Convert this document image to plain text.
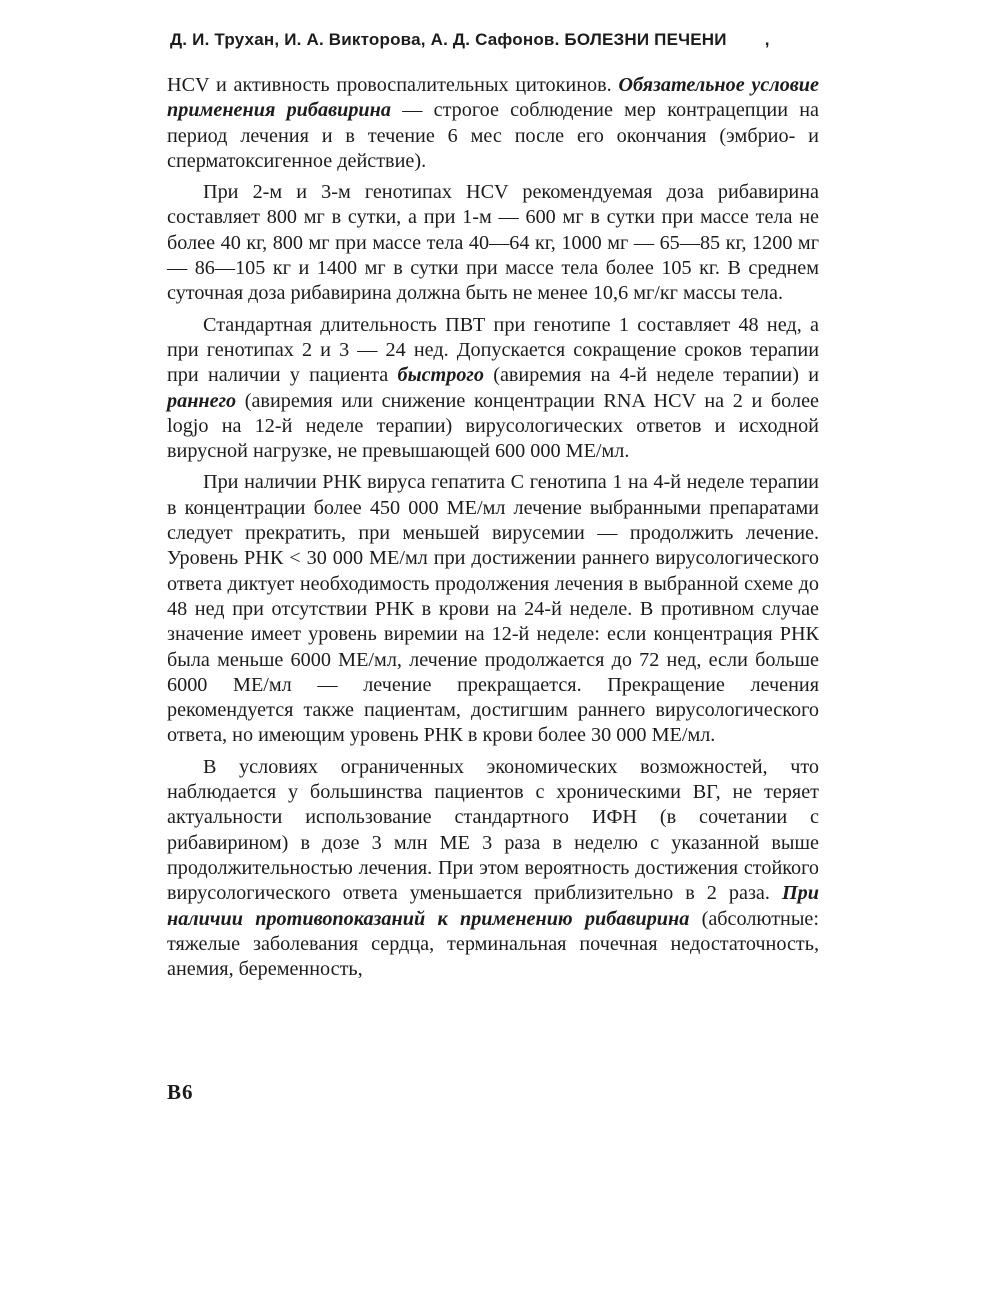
Д. И. Трухан, И. А. Викторова, А. Д. Сафонов. БОЛЕЗНИ ПЕЧЕНИ ,

HCV и активность провоспалительных цитокинов. Обязательное условие применения рибавирина — строгое соблюдение мер контрацепции на период лечения и в течение 6 мес после его окончания (эмбрио- и сперматоксигенное действие).

При 2-м и 3-м генотипах HCV рекомендуемая доза рибавирина составляет 800 мг в сутки, а при 1-м — 600 мг в сутки при массе тела не более 40 кг, 800 мг при массе тела 40—64 кг, 1000 мг — 65—85 кг, 1200 мг — 86—105 кг и 1400 мг в сутки при массе тела более 105 кг. В среднем суточная доза рибавирина должна быть не менее 10,6 мг/кг массы тела.

Стандартная длительность ПВТ при генотипе 1 составляет 48 нед, а при генотипах 2 и 3 — 24 нед. Допускается сокращение сроков терапии при наличии у пациента быстрого (авиремия на 4-й неделе терапии) и раннего (авиремия или снижение концентрации RNA HCV на 2 и более logjo на 12-й неделе терапии) вирусологических ответов и исходной вирусной нагрузке, не превышающей 600 000 МЕ/мл.

При наличии РНК вируса гепатита С генотипа 1 на 4-й неделе терапии в концентрации более 450 000 МЕ/мл лечение выбранными препаратами следует прекратить, при меньшей вирусемии — продолжить лечение. Уровень РНК < 30 000 МЕ/мл при достижении раннего вирусологического ответа диктует необходимость продолжения лечения в выбранной схеме до 48 нед при отсутствии РНК в крови на 24-й неделе. В противном случае значение имеет уровень виремии на 12-й неделе: если концентрация РНК была меньше 6000 МЕ/мл, лечение продолжается до 72 нед, если больше 6000 МЕ/мл — лечение прекращается. Прекращение лечения рекомендуется также пациентам, достигшим раннего вирусологического ответа, но имеющим уровень РНК в крови более 30 000 МЕ/мл.

В условиях ограниченных экономических возможностей, что наблюдается у большинства пациентов с хроническими ВГ, не теряет актуальности использование стандартного ИФН (в сочетании с рибавирином) в дозе 3 млн МЕ 3 раза в неделю с указанной выше продолжительностью лечения. При этом вероятность достижения стойкого вирусологического ответа уменьшается приблизительно в 2 раза. При наличии противопоказаний к применению рибавирина (абсолютные: тяжелые заболевания сердца, терминальная почечная недостаточность, анемия, беременность,

В6
